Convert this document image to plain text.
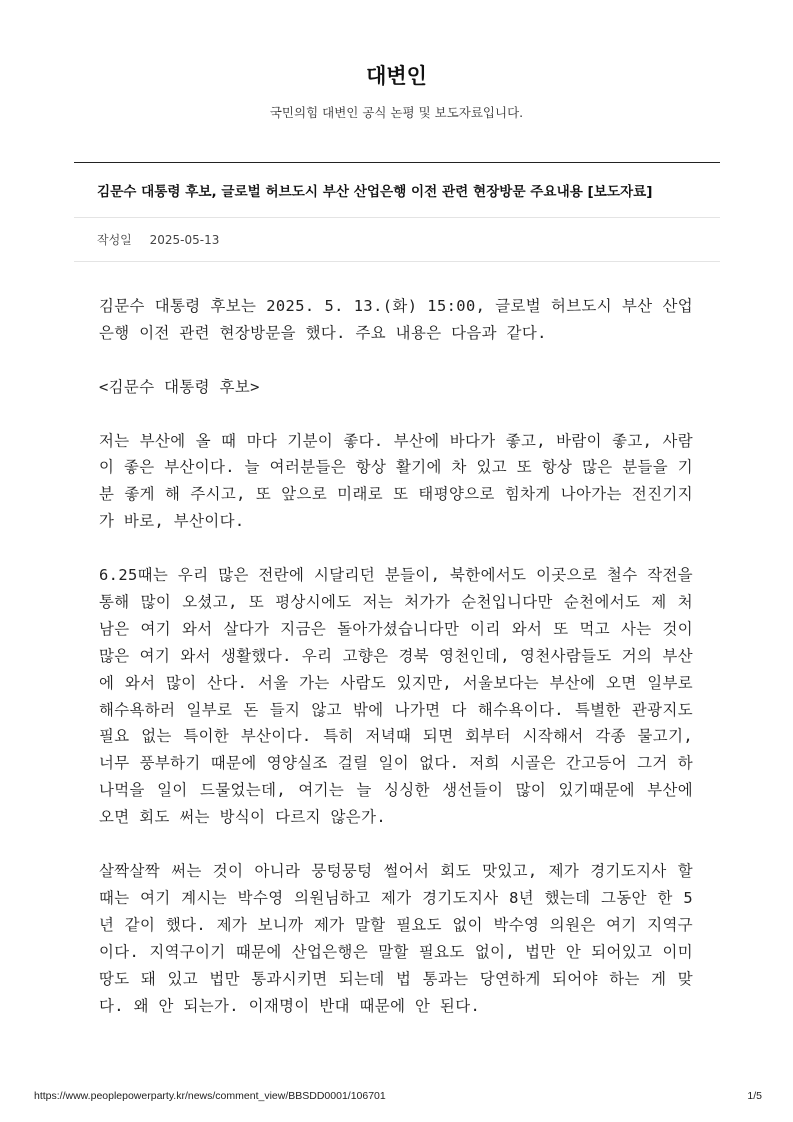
대변인

국민의힘 대변인 공식 논평 및 보도자료입니다.

김문수 대통령 후보, 글로벌 허브도시 부산 산업은행 이전 관련 현장방문 주요내용 [보도자료]
작성일 2025-05-13

김문수 대통령 후보는 2025. 5. 13.(화) 15:00, 글로벌 허브도시 부산 산업은행 이전 관련 현장방문을 했다. 주요 내용은 다음과 같다.

<김문수 대통령 후보>

저는 부산에 올 때 마다 기분이 좋다. 부산에 바다가 좋고, 바람이 좋고, 사람이 좋은 부산이다. 늘 여러분들은 항상 활기에 차 있고 또 항상 많은 분들을 기분 좋게 해 주시고, 또 앞으로 미래로 또 태평양으로 힘차게 나아가는 전진기지가 바로, 부산이다.

6.25때는 우리 많은 전란에 시달리던 분들이, 북한에서도 이곳으로 철수 작전을 통해 많이 오셨고, 또 평상시에도 저는 처가가 순천입니다만 순천에서도 제 처남은 여기 와서 살다가 지금은 돌아가셨습니다만 이리 와서 또 먹고 사는 것이 많은 여기 와서 생활했다. 우리 고향은 경북 영천인데, 영천사람들도 거의 부산에 와서 많이 산다. 서울 가는 사람도 있지만, 서울보다는 부산에 오면 일부로 해수욕하러 일부로 돈 들지 않고 밖에 나가면 다 해수욕이다. 특별한 관광지도 필요 없는 특이한 부산이다. 특히 저녁때 되면 회부터 시작해서 각종 물고기, 너무 풍부하기 때문에 영양실조 걸릴 일이 없다. 저희 시골은 간고등어 그거 하나먹을 일이 드물었는데, 여기는 늘 싱싱한 생선들이 많이 있기때문에 부산에 오면 회도 써는 방식이 다르지 않은가.

살짝살짝 써는 것이 아니라 뭉텅뭉텅 썰어서 회도 맛있고, 제가 경기도지사 할 때는 여기 계시는 박수영 의원님하고 제가 경기도지사 8년 했는데 그동안 한 5년 같이 했다. 제가 보니까 제가 말할 필요도 없이 박수영 의원은 여기 지역구이다. 지역구이기 때문에 산업은행은 말할 필요도 없이, 법만 안 되어있고 이미 땅도 돼 있고 법만 통과시키면 되는데 법 통과는 당연하게 되어야 하는 게 맞다. 왜 안 되는가. 이재명이 반대 때문에 안 된다.

https://www.peoplepowerparty.kr/news/comment_view/BBSDD0001/106701	1/5
